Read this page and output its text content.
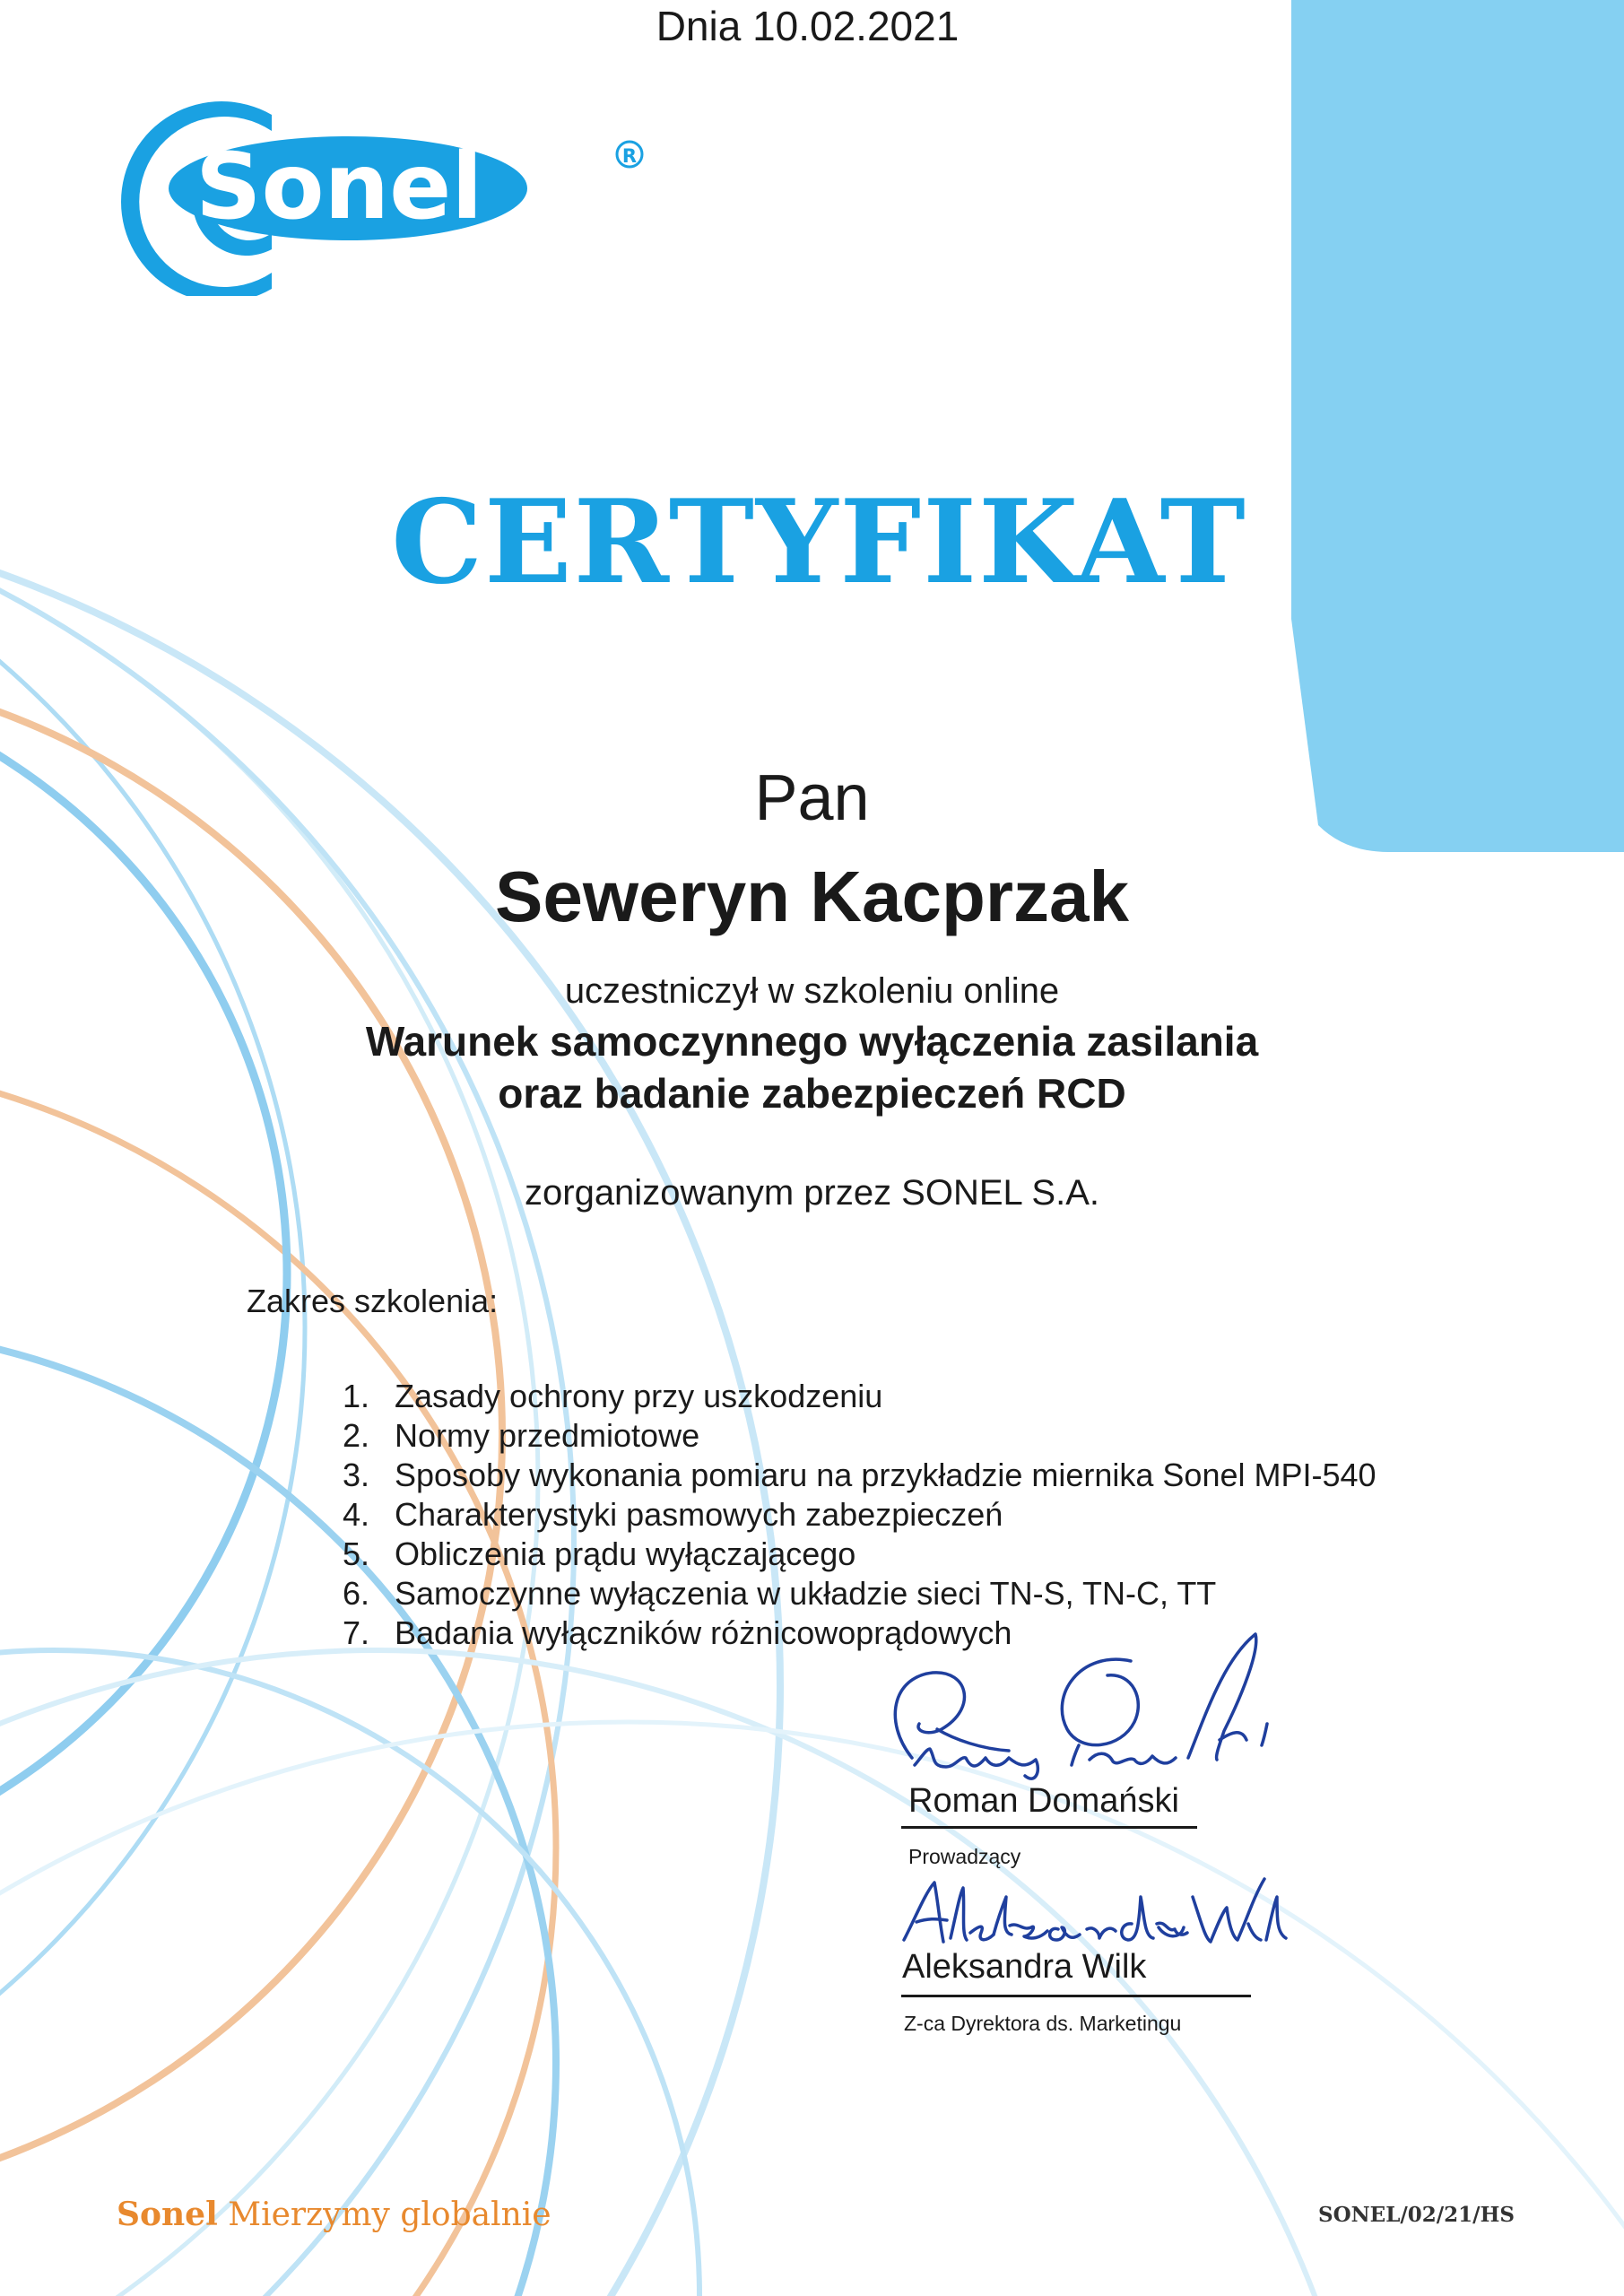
Sonel	R
CERTYFIKAT
Pan
Seweryn Kacprzak
uczestniczył w szkoleniu online
Warunek samoczynnego wyłączenia zasilania
oraz badanie zabezpieczeń RCD
zorganizowanym przez SONEL S.A.
Dnia 10.02.2021
Zakres szkolenia:
1. Zasady ochrony przy uszkodzeniu
2. Normy przedmiotowe
3. Sposoby wykonania pomiaru na przykładzie miernika Sonel MPI-540
4. Charakterystyki pasmowych zabezpieczeń
5. Obliczenia prądu wyłączającego
6. Samoczynne wyłączenia w układzie sieci TN-S, TN-C, TT
7. Badania wyłączników różnicowoprądowych
Roman Domański
Prowadzący
Aleksandra Wilk
Z-ca Dyrektora ds. Marketingu
Sonel Mierzymy globalnie	SONEL/02/21/HS
